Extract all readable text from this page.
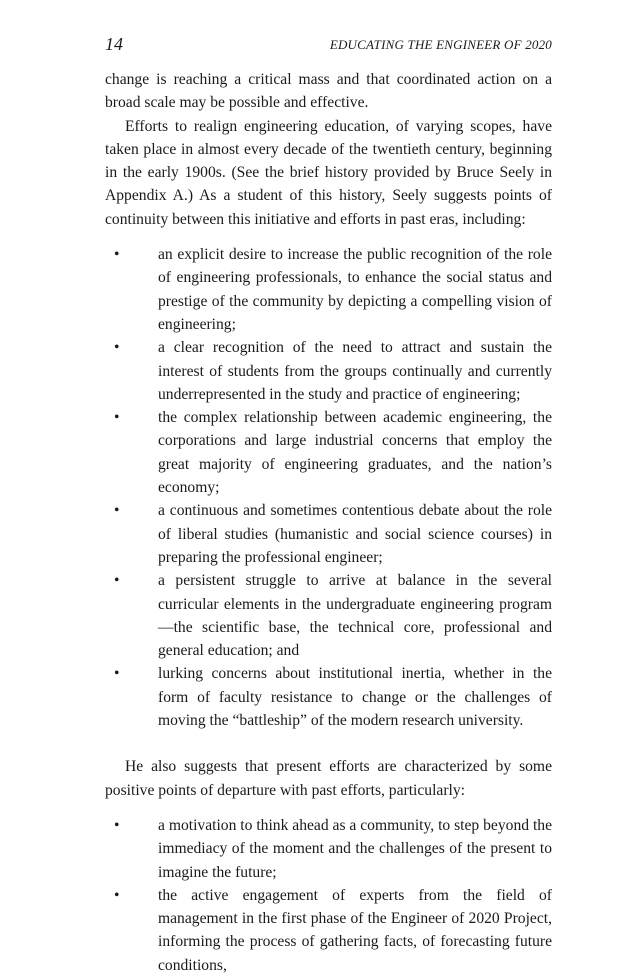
14	EDUCATING THE ENGINEER OF 2020

change is reaching a critical mass and that coordinated action on a broad scale may be possible and effective.

Efforts to realign engineering education, of varying scopes, have taken place in almost every decade of the twentieth century, beginning in the early 1900s. (See the brief history provided by Bruce Seely in Appendix A.) As a student of this history, Seely suggests points of continuity between this initiative and efforts in past eras, including:

• an explicit desire to increase the public recognition of the role of engineering professionals, to enhance the social status and prestige of the community by depicting a compelling vision of engineering;
• a clear recognition of the need to attract and sustain the interest of students from the groups continually and currently underrepresented in the study and practice of engineering;
• the complex relationship between academic engineering, the corporations and large industrial concerns that employ the great majority of engineering graduates, and the nation’s economy;
• a continuous and sometimes contentious debate about the role of liberal studies (humanistic and social science courses) in preparing the professional engineer;
• a persistent struggle to arrive at balance in the several curricular elements in the undergraduate engineering program—the scientific base, the technical core, professional and general education; and
• lurking concerns about institutional inertia, whether in the form of faculty resistance to change or the challenges of moving the “battleship” of the modern research university.

He also suggests that present efforts are characterized by some positive points of departure with past efforts, particularly:

• a motivation to think ahead as a community, to step beyond the immediacy of the moment and the challenges of the present to imagine the future;
• the active engagement of experts from the field of management in the first phase of the Engineer of 2020 Project, informing the process of gathering facts, of forecasting future conditions,
